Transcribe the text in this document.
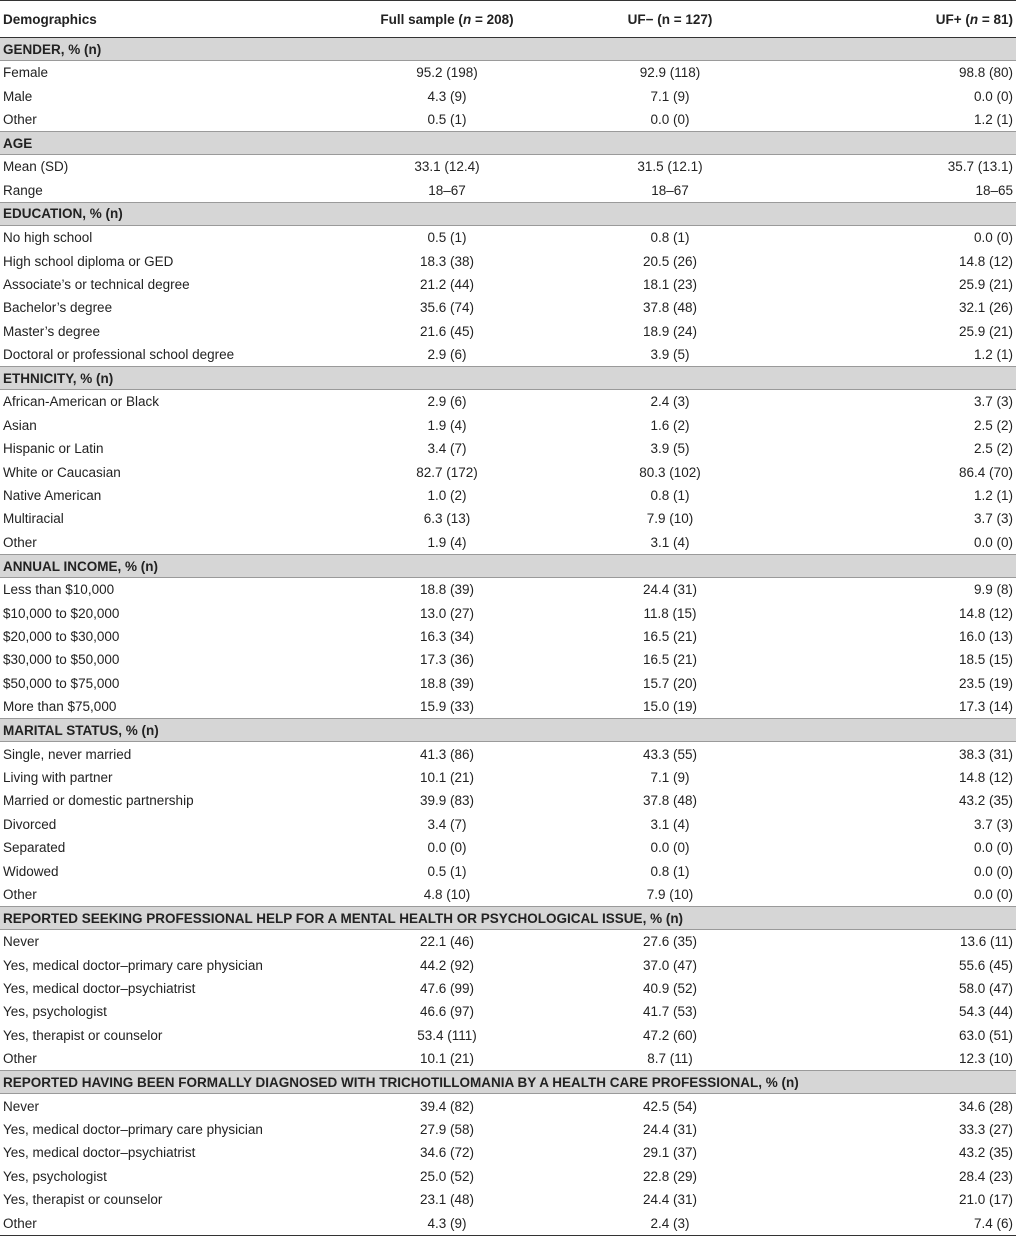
Demographics	Full sample (n = 208)	UF− (n = 127)	UF+ (n = 81)
GENDER, % (n)			
Female	95.2 (198)	92.9 (118)	98.8 (80)
Male	4.3 (9)	7.1 (9)	0.0 (0)
Other	0.5 (1)	0.0 (0)	1.2 (1)
AGE			
Mean (SD)	33.1 (12.4)	31.5 (12.1)	35.7 (13.1)
Range	18–67	18–67	18–65
EDUCATION, % (n)			
No high school	0.5 (1)	0.8 (1)	0.0 (0)
High school diploma or GED	18.3 (38)	20.5 (26)	14.8 (12)
Associate’s or technical degree	21.2 (44)	18.1 (23)	25.9 (21)
Bachelor’s degree	35.6 (74)	37.8 (48)	32.1 (26)
Master’s degree	21.6 (45)	18.9 (24)	25.9 (21)
Doctoral or professional school degree	2.9 (6)	3.9 (5)	1.2 (1)
ETHNICITY, % (n)			
African-American or Black	2.9 (6)	2.4 (3)	3.7 (3)
Asian	1.9 (4)	1.6 (2)	2.5 (2)
Hispanic or Latin	3.4 (7)	3.9 (5)	2.5 (2)
White or Caucasian	82.7 (172)	80.3 (102)	86.4 (70)
Native American	1.0 (2)	0.8 (1)	1.2 (1)
Multiracial	6.3 (13)	7.9 (10)	3.7 (3)
Other	1.9 (4)	3.1 (4)	0.0 (0)
ANNUAL INCOME, % (n)			
Less than $10,000	18.8 (39)	24.4 (31)	9.9 (8)
$10,000 to $20,000	13.0 (27)	11.8 (15)	14.8 (12)
$20,000 to $30,000	16.3 (34)	16.5 (21)	16.0 (13)
$30,000 to $50,000	17.3 (36)	16.5 (21)	18.5 (15)
$50,000 to $75,000	18.8 (39)	15.7 (20)	23.5 (19)
More than $75,000	15.9 (33)	15.0 (19)	17.3 (14)
MARITAL STATUS, % (n)			
Single, never married	41.3 (86)	43.3 (55)	38.3 (31)
Living with partner	10.1 (21)	7.1 (9)	14.8 (12)
Married or domestic partnership	39.9 (83)	37.8 (48)	43.2 (35)
Divorced	3.4 (7)	3.1 (4)	3.7 (3)
Separated	0.0 (0)	0.0 (0)	0.0 (0)
Widowed	0.5 (1)	0.8 (1)	0.0 (0)
Other	4.8 (10)	7.9 (10)	0.0 (0)
REPORTED SEEKING PROFESSIONAL HELP FOR A MENTAL HEALTH OR PSYCHOLOGICAL ISSUE, % (n)			
Never	22.1 (46)	27.6 (35)	13.6 (11)
Yes, medical doctor–primary care physician	44.2 (92)	37.0 (47)	55.6 (45)
Yes, medical doctor–psychiatrist	47.6 (99)	40.9 (52)	58.0 (47)
Yes, psychologist	46.6 (97)	41.7 (53)	54.3 (44)
Yes, therapist or counselor	53.4 (111)	47.2 (60)	63.0 (51)
Other	10.1 (21)	8.7 (11)	12.3 (10)
REPORTED HAVING BEEN FORMALLY DIAGNOSED WITH TRICHOTILLOMANIA BY A HEALTH CARE PROFESSIONAL, % (n)			
Never	39.4 (82)	42.5 (54)	34.6 (28)
Yes, medical doctor–primary care physician	27.9 (58)	24.4 (31)	33.3 (27)
Yes, medical doctor–psychiatrist	34.6 (72)	29.1 (37)	43.2 (35)
Yes, psychologist	25.0 (52)	22.8 (29)	28.4 (23)
Yes, therapist or counselor	23.1 (48)	24.4 (31)	21.0 (17)
Other	4.3 (9)	2.4 (3)	7.4 (6)
